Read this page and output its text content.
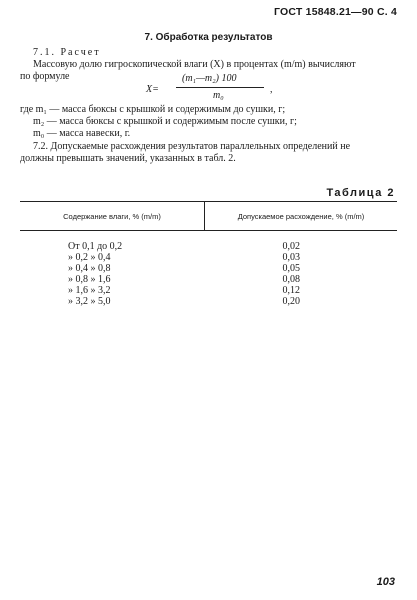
ГОСТ 15848.21—90 С. 4
7. Обработка результатов
7.1. Расчет
Массовую долю гигроскопической влаги (X) в процентах (m/m) вычисляют
по формуле
X=
(m₁—m₂) 100
m₀
,
где m₁ — масса бюксы с крышкой и содержимым до сушки, г;
m₂ — масса бюксы с крышкой и содержимым после сушки, г;
m₀ — масса навески, г.
7.2. Допускаемые расхождения результатов параллельных определений не
должны превышать значений, указанных в табл. 2.
Таблица 2
Содержание влаги, % (m/m)	Допускаемое расхождение, % (m/m)
От 0,1 до 0,2	0,02
» 0,2 » 0,4	0,03
» 0,4 » 0,8	0,05
» 0,8 » 1,6	0,08
» 1,6 » 3,2	0,12
» 3,2 » 5,0	0,20
103
